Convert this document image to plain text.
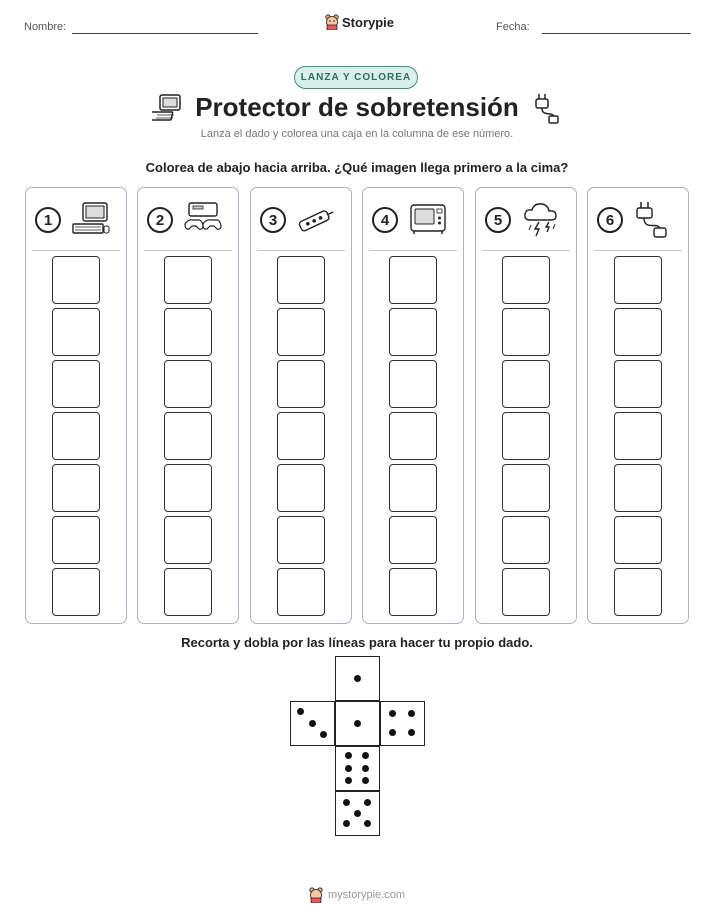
Nombre:	Storypie	Fecha:
LANZA Y COLOREA
Protector de sobretensión
Lanza el dado y colorea una caja en la columna de ese número.
Colorea de abajo hacia arriba. ¿Qué imagen llega primero a la cima?
1	2	3	4	5	6
Recorta y dobla por las líneas para hacer tu propio dado.
mystorypie.com
